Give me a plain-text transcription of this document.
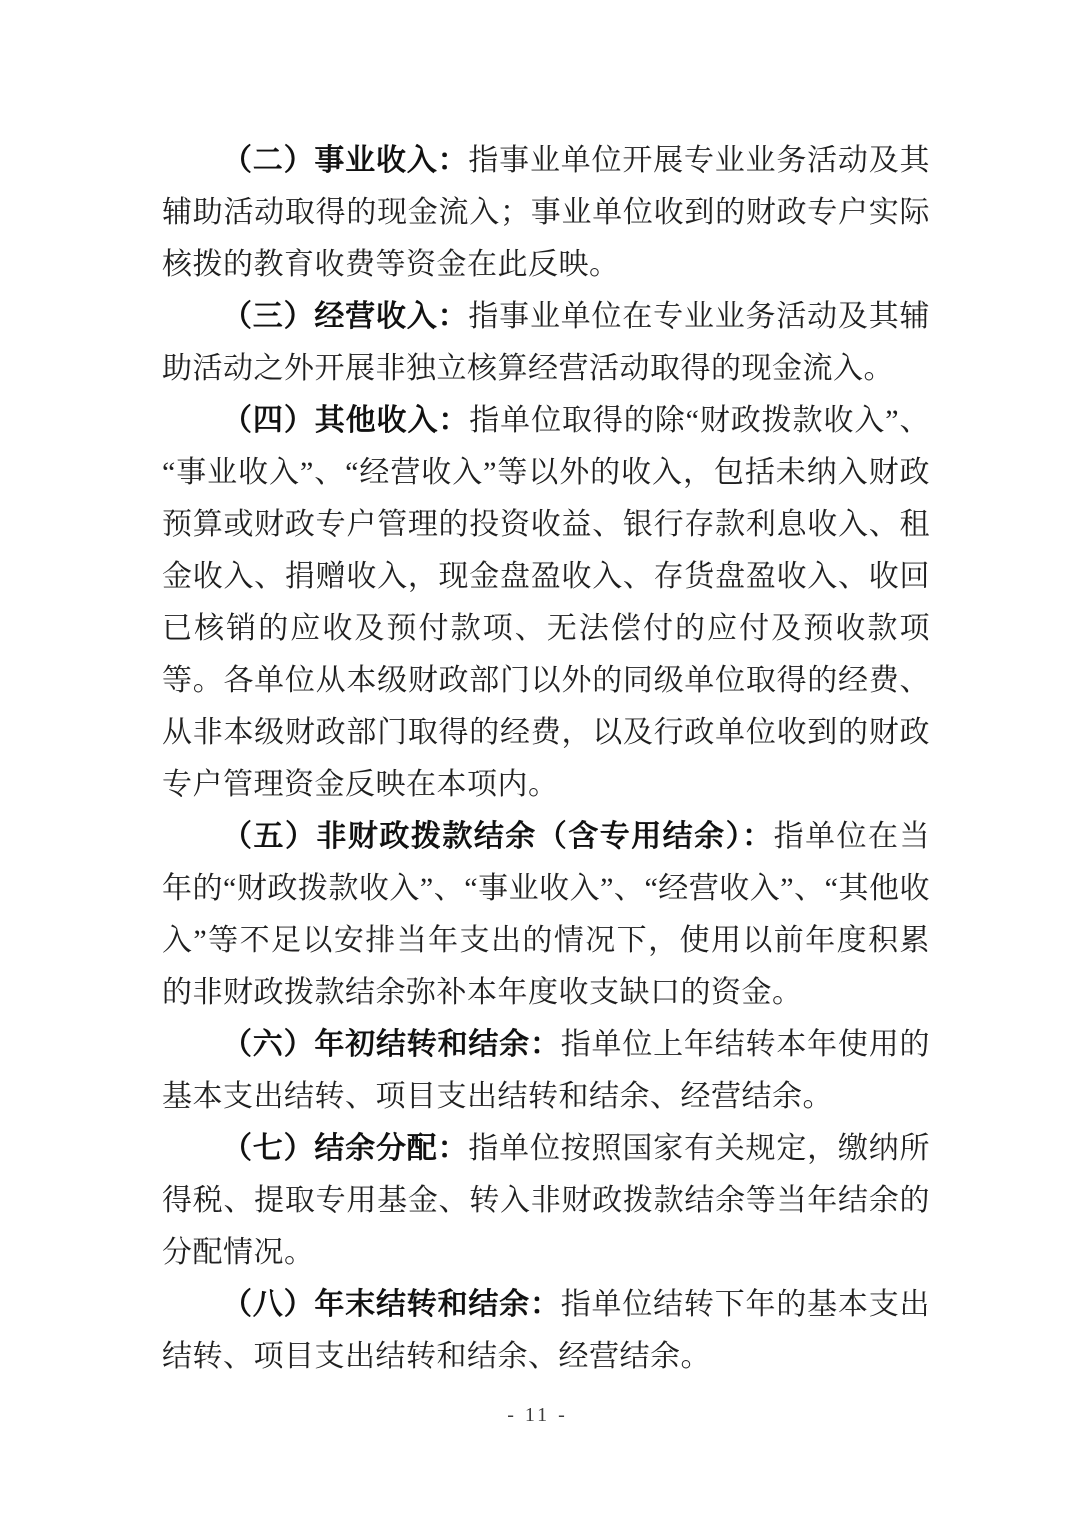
（二）事业收入：指事业单位开展专业业务活动及其辅助活动取得的现金流入；事业单位收到的财政专户实际核拨的教育收费等资金在此反映。

（三）经营收入：指事业单位在专业业务活动及其辅助活动之外开展非独立核算经营活动取得的现金流入。

（四）其他收入：指单位取得的除“财政拨款收入”、“事业收入”、“经营收入”等以外的收入，包括未纳入财政预算或财政专户管理的投资收益、银行存款利息收入、租金收入、捐赠收入，现金盘盈收入、存货盘盈收入、收回已核销的应收及预付款项、无法偿付的应付及预收款项等。各单位从本级财政部门以外的同级单位取得的经费、从非本级财政部门取得的经费，以及行政单位收到的财政专户管理资金反映在本项内。

（五）非财政拨款结余（含专用结余）：指单位在当年的“财政拨款收入”、“事业收入”、“经营收入”、“其他收入”等不足以安排当年支出的情况下，使用以前年度积累的非财政拨款结余弥补本年度收支缺口的资金。

（六）年初结转和结余：指单位上年结转本年使用的基本支出结转、项目支出结转和结余、经营结余。

（七）结余分配：指单位按照国家有关规定，缴纳所得税、提取专用基金、转入非财政拨款结余等当年结余的分配情况。

（八）年末结转和结余：指单位结转下年的基本支出结转、项目支出结转和结余、经营结余。

- 11 -
